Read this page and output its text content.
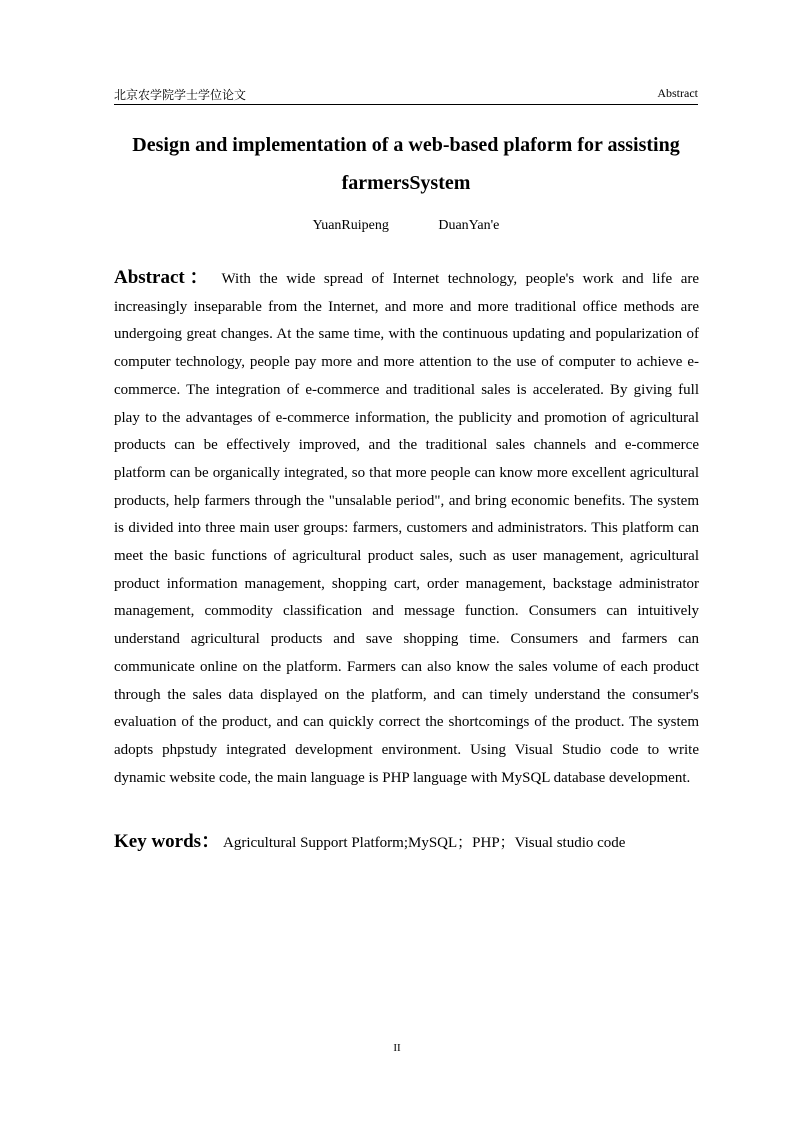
北京农学院学士学位论文	Abstract
Design and implementation of a web-based plaform for assisting farmersSystem
YuanRuipeng	DuanYan'e
Abstract： With the wide spread of Internet technology, people's work and life are increasingly inseparable from the Internet, and more and more traditional office methods are undergoing great changes. At the same time, with the continuous updating and popularization of computer technology, people pay more and more attention to the use of computer to achieve e-commerce. The integration of e-commerce and traditional sales is accelerated. By giving full play to the advantages of e-commerce information, the publicity and promotion of agricultural products can be effectively improved, and the traditional sales channels and e-commerce platform can be organically integrated, so that more people can know more excellent agricultural products, help farmers through the "unsalable period", and bring economic benefits. The system is divided into three main user groups: farmers, customers and administrators. This platform can meet the basic functions of agricultural product sales, such as user management, agricultural product information management, shopping cart, order management, backstage administrator management, commodity classification and message function. Consumers can intuitively understand agricultural products and save shopping time. Consumers and farmers can communicate online on the platform. Farmers can also know the sales volume of each product through the sales data displayed on the platform, and can timely understand the consumer's evaluation of the product, and can quickly correct the shortcomings of the product. The system adopts phpstudy integrated development environment. Using Visual Studio code to write dynamic website code, the main language is PHP language with MySQL database development.
Key words： Agricultural Support Platform;MySQL；PHP；Visual studio code
II
